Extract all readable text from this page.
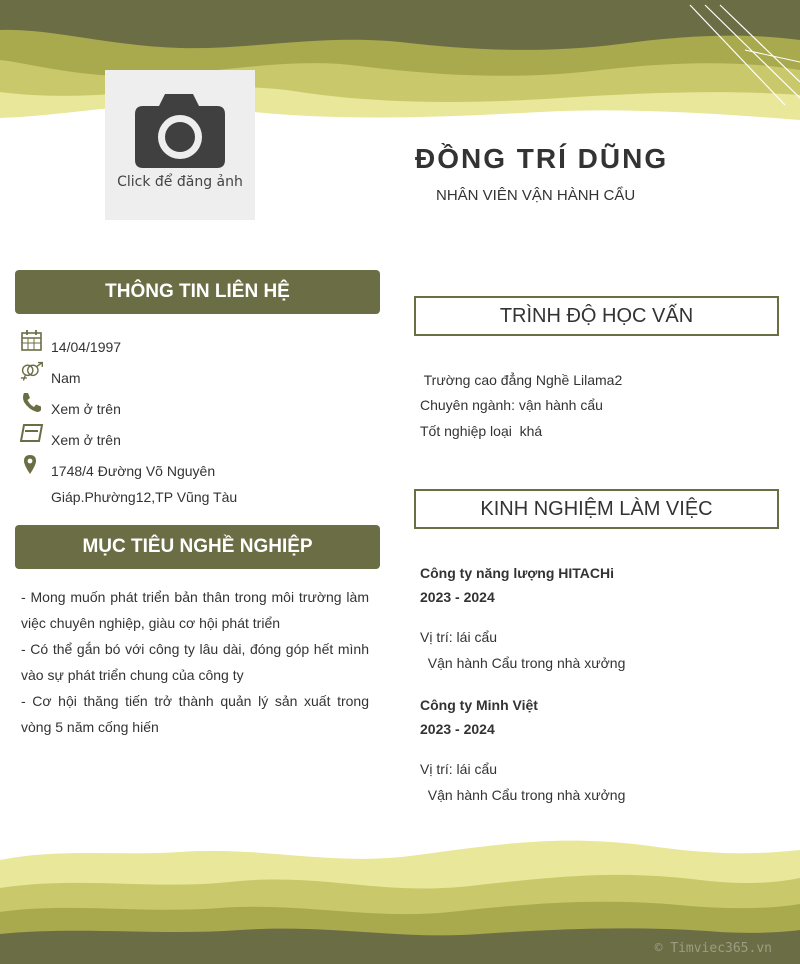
Click để đăng ảnh
ĐỒNG TRÍ DŨNG
NHÂN VIÊN VẬN HÀNH CẨU
THÔNG TIN LIÊN HỆ
14/04/1997
Nam
Xem ở trên
Xem ở trên
1748/4 Đường Võ Nguyên
Giáp.Phường12,TP Vũng Tàu
MỤC TIÊU NGHỀ NGHIỆP

- Mong muốn phát triển bản thân trong môi trường làm việc chuyên nghiệp, giàu cơ hội phát triển

- Có thể gắn bó với công ty lâu dài, đóng góp hết mình vào sự phát triển chung của công ty

- Cơ hội thăng tiến trở thành quản lý sản xuất trong vòng 5 năm cống hiến

TRÌNH ĐỘ HỌC VẤN
Trường cao đẳng Nghề Lilama2
Chuyên ngành: vận hành cẩu
Tốt nghiệp loại  khá
KINH NGHIỆM LÀM VIỆC
Công ty năng lượng HITACHi
2023 - 2024
Vị trí: lái cẩu
Vận hành Cẩu trong nhà xưởng
Công ty Minh Việt
2023 - 2024
Vị trí: lái cẩu
Vận hành Cẩu trong nhà xưởng
© Timviec365.vn
